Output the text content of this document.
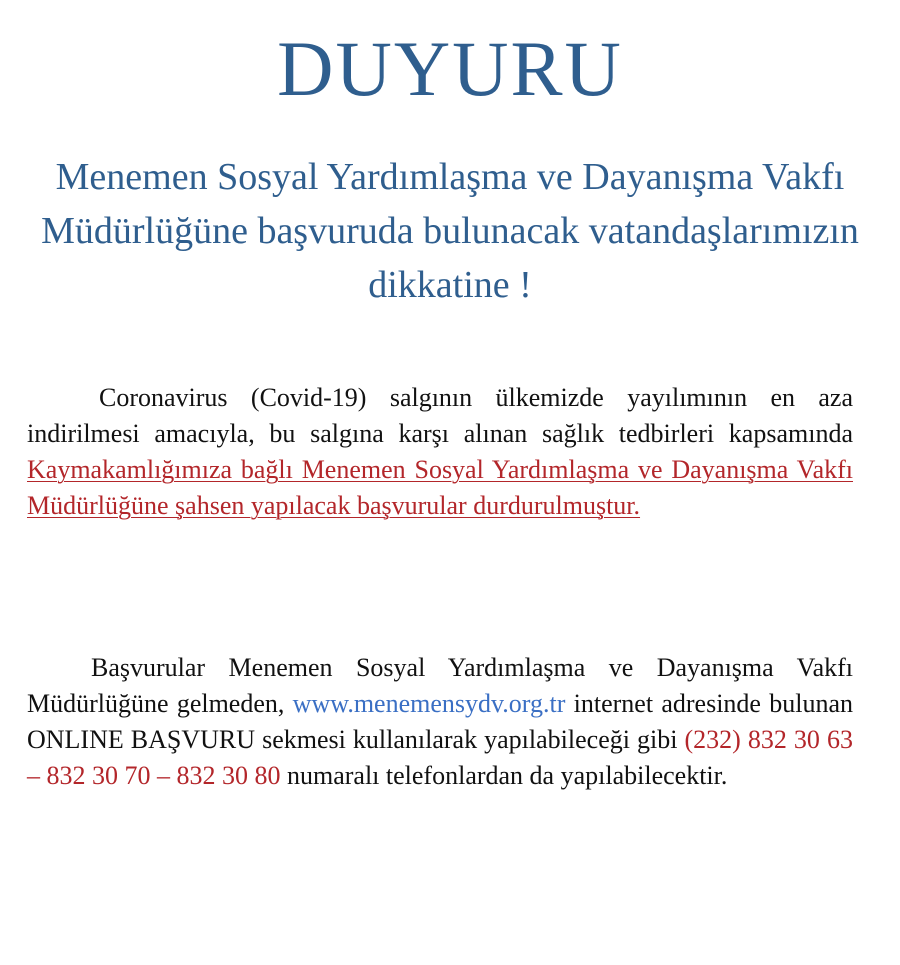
DUYURU
Menemen Sosyal Yardımlaşma ve Dayanışma Vakfı Müdürlüğüne başvuruda bulunacak vatandaşlarımızın dikkatine !

Coronavirus (Covid-19) salgının ülkemizde yayılımının en aza indirilmesi amacıyla, bu salgına karşı alınan sağlık tedbirleri kapsamında Kaymakamlığımıza bağlı Menemen Sosyal Yardımlaşma ve Dayanışma Vakfı Müdürlüğüne şahsen yapılacak başvurular durdurulmuştur.

Başvurular Menemen Sosyal Yardımlaşma ve Dayanışma Vakfı Müdürlüğüne gelmeden, www.menemensydv.org.tr internet adresinde bulunan ONLINE BAŞVURU sekmesi kullanılarak yapılabileceği gibi (232) 832 30 63 – 832 30 70 – 832 30 80 numaralı telefonlardan da yapılabilecektir.
